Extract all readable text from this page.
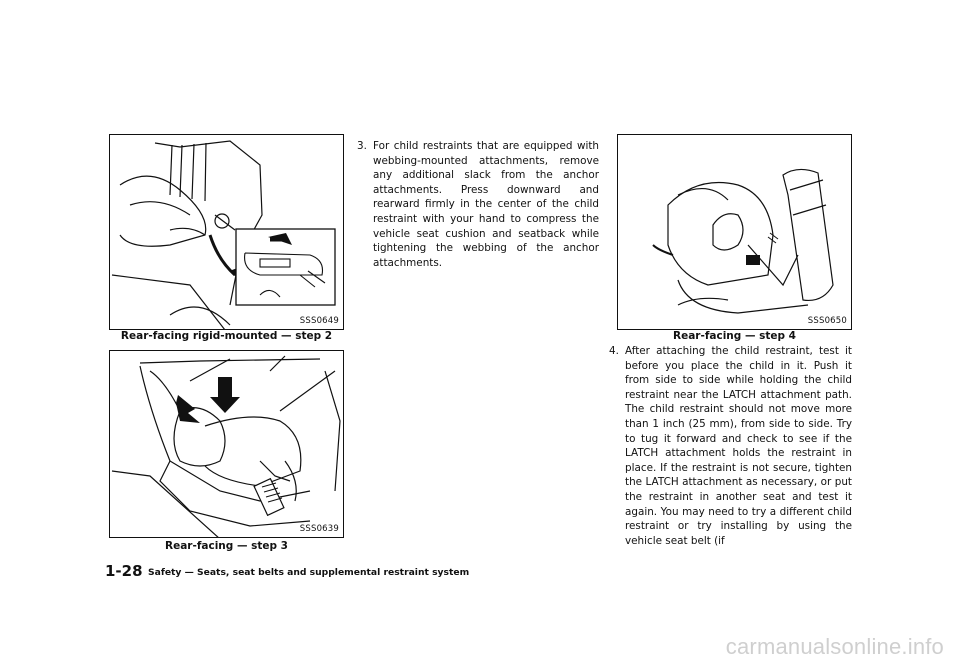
SSS0649
Rear-facing rigid-mounted — step 2
SSS0639
Rear-facing — step 3

3. For child restraints that are equipped with webbing-mounted attachments, remove any additional slack from the anchor attachments. Press downward and rearward firmly in the center of the child restraint with your hand to compress the vehicle seat cushion and seatback while tightening the webbing of the anchor attachments.

SSS0650
Rear-facing — step 4

4. After attaching the child restraint, test it before you place the child in it. Push it from side to side while holding the child restraint near the LATCH attachment path. The child restraint should not move more than 1 inch (25 mm), from side to side. Try to tug it forward and check to see if the LATCH attachment holds the restraint in place. If the restraint is not secure, tighten the LATCH attachment as necessary, or put the restraint in another seat and test it again. You may need to try a different child restraint or try installing by using the vehicle seat belt (if

1-28 Safety — Seats, seat belts and supplemental restraint system
carmanualsonline.info
